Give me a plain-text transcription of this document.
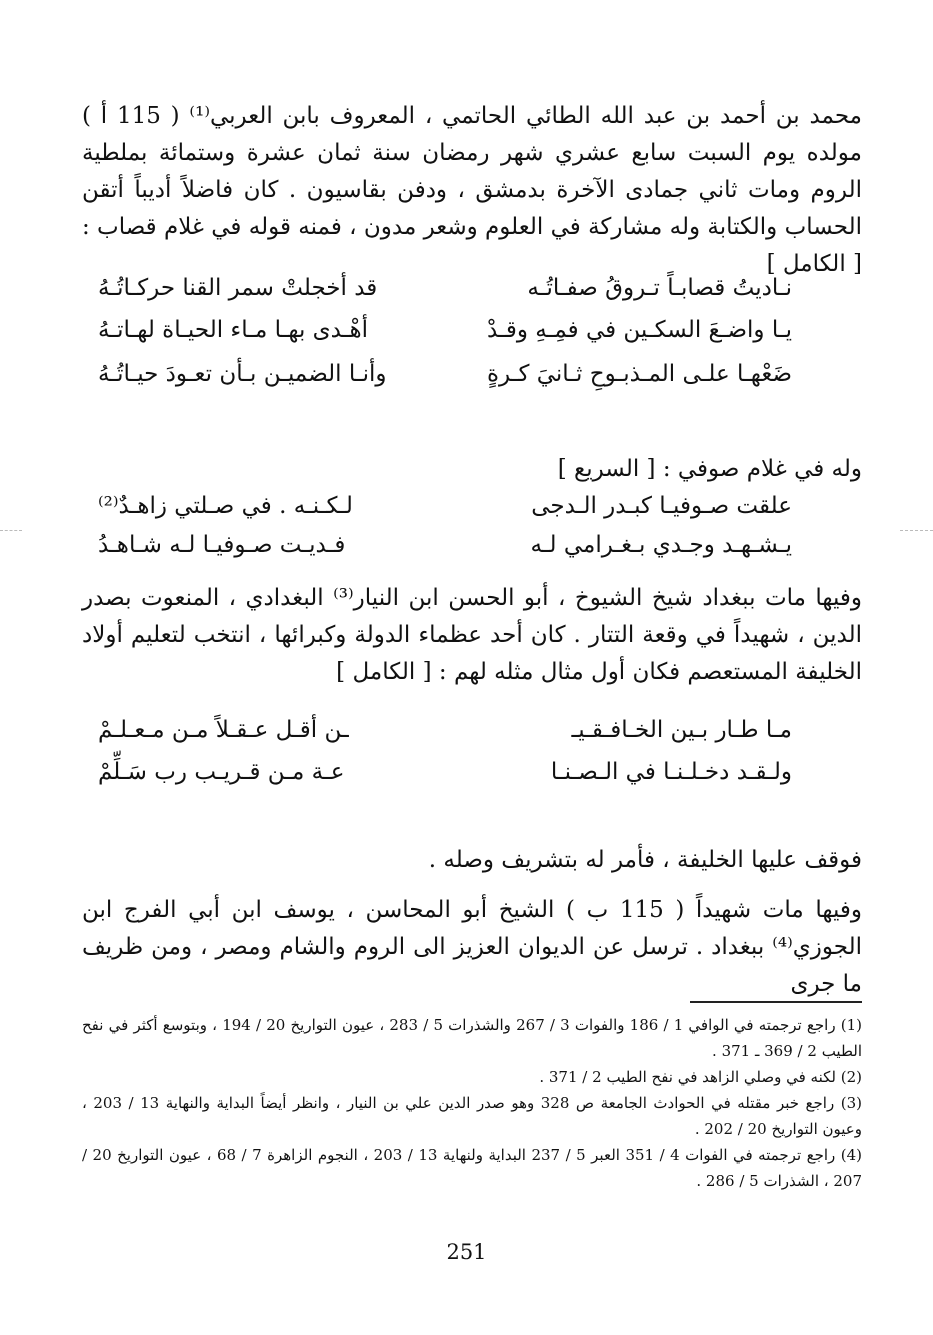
محمد بن أحمد بن عبد الله الطائي الحاتمي ، المعروف بابن العربي⁽¹⁾ ( 115 أ ) مولده يوم السبت سابع عشري شهر رمضان سنة ثمان عشرة وستمائة بملطية الروم ومات ثاني جمادى الآخرة بدمشق ، ودفن بقاسيون . كان فاضلاً أديباً أتقن الحساب والكتابة وله مشاركة في العلوم وشعر مدون ، فمنه قوله في غلام قصاب : [ الكامل ]

نـاديتُ قصابـاً تـروقُ صفـاتُـه
قد أخجلتْ سمر القنا حركـاتُـهُ
يـا واضـعَ السكـين في فمِـهِ وقـدْ
أهْـدى بهـا مـاء الحيـاة لهـاتـهُ
ضَعْهـا علـى المـذبـوحِ ثـانيَ كـرةٍ
وأنـا الضميـن بـأن تعـودَ حيـاتُـهُ

وله في غلام صوفي : [ السريع ]

علقت صـوفيـا كبـدر الـدجى
لـكـنـه . في صـلتي زاهـدٌ⁽²⁾
يـشـهـد وجـدي بـغـرامي لـه
فـديـت صـوفيـا لـه شـاهـدُ

وفيها مات ببغداد شيخ الشيوخ ، أبو الحسن ابن النيار⁽³⁾ البغدادي ، المنعوت بصدر الدين ، شهيداً في وقعة التتار . كان أحد عظماء الدولة وكبرائها ، انتخب لتعليم أولاد الخليفة المستعصم فكان أول مثال مثله لهم : [ الكامل ]

مـا طـار بـين الخـافـقـيـ
ـن أقـل عـقـلاً مـن مـعـلـمْ
ولـقـد دخـلـنـا في الـصـنـا
عـة مـن قـريـب رب سَـلِّمْ

فوقف عليها الخليفة ، فأمر له بتشريف وصله .

وفيها مات شهيداً ( 115 ب ) الشيخ أبو المحاسن ، يوسف ابن أبي الفرج ابن الجوزي⁽⁴⁾ ببغداد . ترسل عن الديوان العزيز الى الروم والشام ومصر ، ومن ظريف ما جرى

(1) راجع ترجمته في الوافي 1 / 186 والفوات 3 / 267 والشذرات 5 / 283 ، عيون التواريخ 20 / 194 ، وبتوسع أكثر في نفح الطيب 2 / 369 ـ 371 .

(2) لكنه في وصلي الزاهد في نفح الطيب 2 / 371 .

(3) راجع خبر مقتله في الحوادث الجامعة ص 328 وهو صدر الدين علي بن النيار ، وانظر أيضاً البداية والنهاية 13 / 203 ، وعيون التواريخ 20 / 202 .

(4) راجع ترجمته في الفوات 4 / 351 العبر 5 / 237 البداية ولنهاية 13 / 203 ، النجوم الزاهرة 7 / 68 ، عيون التواريخ 20 / 207 ، الشذرات 5 / 286 .

251
